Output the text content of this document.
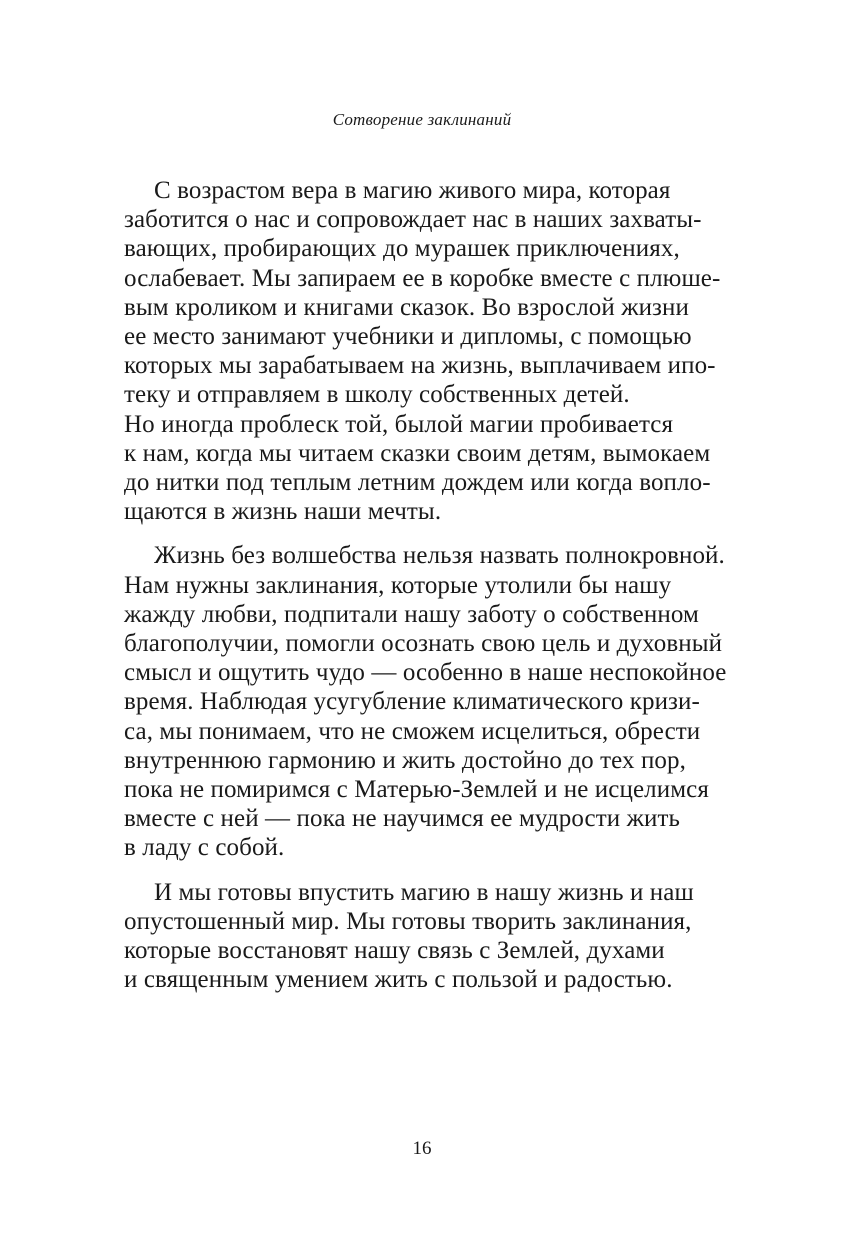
Сотворение заклинаний
С возрастом вера в магию живого мира, которая
заботится о нас и сопровождает нас в наших захваты-
вающих, пробирающих до мурашек приключениях,
ослабевает. Мы запираем ее в коробке вместе с плюше-
вым кроликом и книгами сказок. Во взрослой жизни
ее место занимают учебники и дипломы, с помощью
которых мы зарабатываем на жизнь, выплачиваем ипо-
теку и отправляем в школу собственных детей.
Но иногда проблеск той, былой магии пробивается
к нам, когда мы читаем сказки своим детям, вымокаем
до нитки под теплым летним дождем или когда вопло-
щаются в жизнь наши мечты.
Жизнь без волшебства нельзя назвать полнокровной.
Нам нужны заклинания, которые утолили бы нашу
жажду любви, подпитали нашу заботу о собственном
благополучии, помогли осознать свою цель и духовный
смысл и ощутить чудо — особенно в наше неспокойное
время. Наблюдая усугубление климатического кризи-
са, мы понимаем, что не сможем исцелиться, обрести
внутреннюю гармонию и жить достойно до тех пор,
пока не помиримся с Матерью-Землей и не исцелимся
вместе с ней — пока не научимся ее мудрости жить
в ладу с собой.
И мы готовы впустить магию в нашу жизнь и наш
опустошенный мир. Мы готовы творить заклинания,
которые восстановят нашу связь с Землей, духами
и священным умением жить с пользой и радостью.
16
